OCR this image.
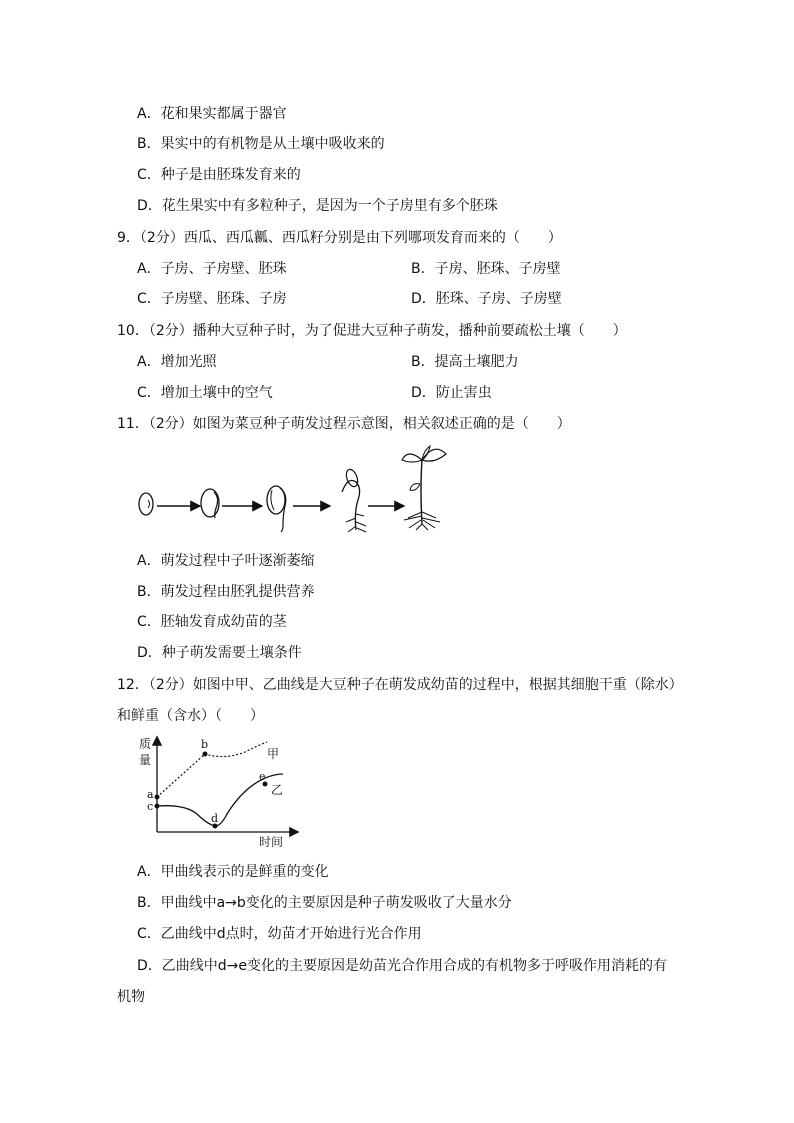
A．花和果实都属于器官
B．果实中的有机物是从土壤中吸收来的
C．种子是由胚珠发育来的
D．花生果实中有多粒种子，是因为一个子房里有多个胚珠
9．（2分）西瓜、西瓜瓤、西瓜籽分别是由下列哪项发育而来的（　　）
A．子房、子房壁、胚珠	B．子房、胚珠、子房壁
C．子房壁、胚珠、子房	D．胚珠、子房、子房壁
10．（2分）播种大豆种子时，为了促进大豆种子萌发，播种前要疏松土壤（　　）
A．增加光照	B．提高土壤肥力
C．增加土壤中的空气	D．防止害虫
11．（2分）如图为菜豆种子萌发过程示意图，相关叙述正确的是（　　）
A．萌发过程中子叶逐渐萎缩
B．萌发过程由胚乳提供营养
C．胚轴发育成幼苗的茎
D．种子萌发需要土壤条件
12．（2分）如图中甲、乙曲线是大豆种子在萌发成幼苗的过程中，根据其细胞干重（除水）
和鲜重（含水）（　　）
质
量
时间
a
b
c
d
e
甲
乙
A．甲曲线表示的是鲜重的变化
B．甲曲线中a→b变化的主要原因是种子萌发吸收了大量水分
C．乙曲线中d点时，幼苗才开始进行光合作用
D．乙曲线中d→e变化的主要原因是幼苗光合作用合成的有机物多于呼吸作用消耗的有
机物
